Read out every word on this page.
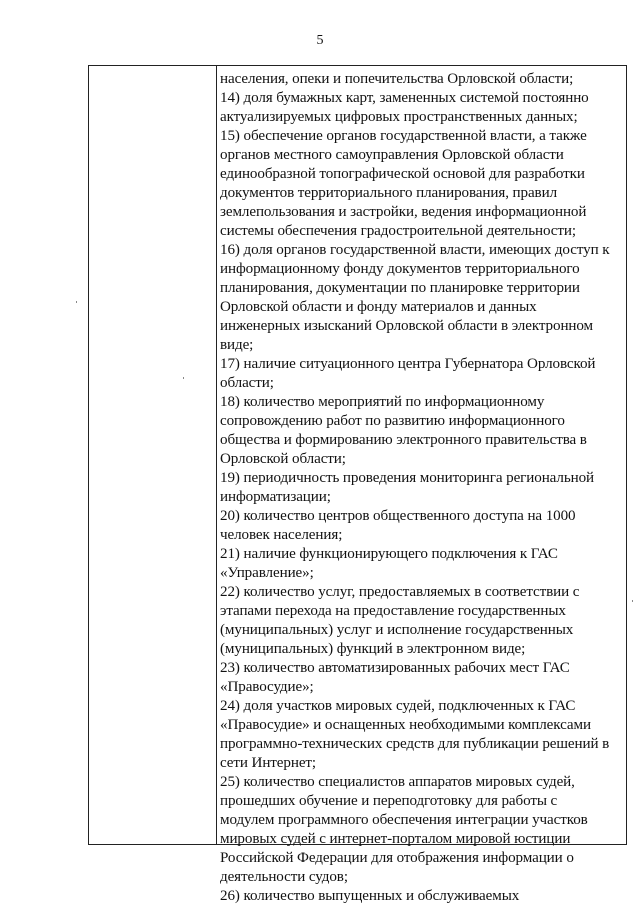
5
населения, опеки и попечительства Орловской области;
14) доля бумажных карт, замененных системой постоянно
актуализируемых цифровых пространственных данных;
15) обеспечение органов государственной власти, а также
органов местного самоуправления Орловской области
единообразной топографической основой для разработки
документов территориального планирования, правил
землепользования и застройки, ведения информационной
системы обеспечения градостроительной деятельности;
16) доля органов государственной власти, имеющих доступ к
информационному фонду документов территориального
планирования, документации по планировке территории
Орловской области и фонду материалов и данных
инженерных изысканий Орловской области в электронном
виде;
17) наличие ситуационного центра Губернатора Орловской
области;
18) количество мероприятий по информационному
сопровождению работ по развитию информационного
общества и формированию электронного правительства в
Орловской области;
19) периодичность проведения мониторинга региональной
информатизации;
20) количество центров общественного доступа на 1000
человек населения;
21) наличие функционирующего подключения к ГАС
«Управление»;
22) количество услуг, предоставляемых в соответствии с
этапами перехода на предоставление государственных
(муниципальных) услуг и исполнение государственных
(муниципальных) функций в электронном виде;
23) количество автоматизированных рабочих мест ГАС
«Правосудие»;
24) доля участков мировых судей, подключенных к ГАС
«Правосудие» и оснащенных необходимыми комплексами
программно-технических средств для публикации решений в
сети Интернет;
25) количество специалистов аппаратов мировых судей,
прошедших обучение и переподготовку для работы с
модулем программного обеспечения интеграции участков
мировых судей с интернет-порталом мировой юстиции
Российской Федерации для отображения информации о
деятельности судов;
26) количество выпущенных и обслуживаемых
